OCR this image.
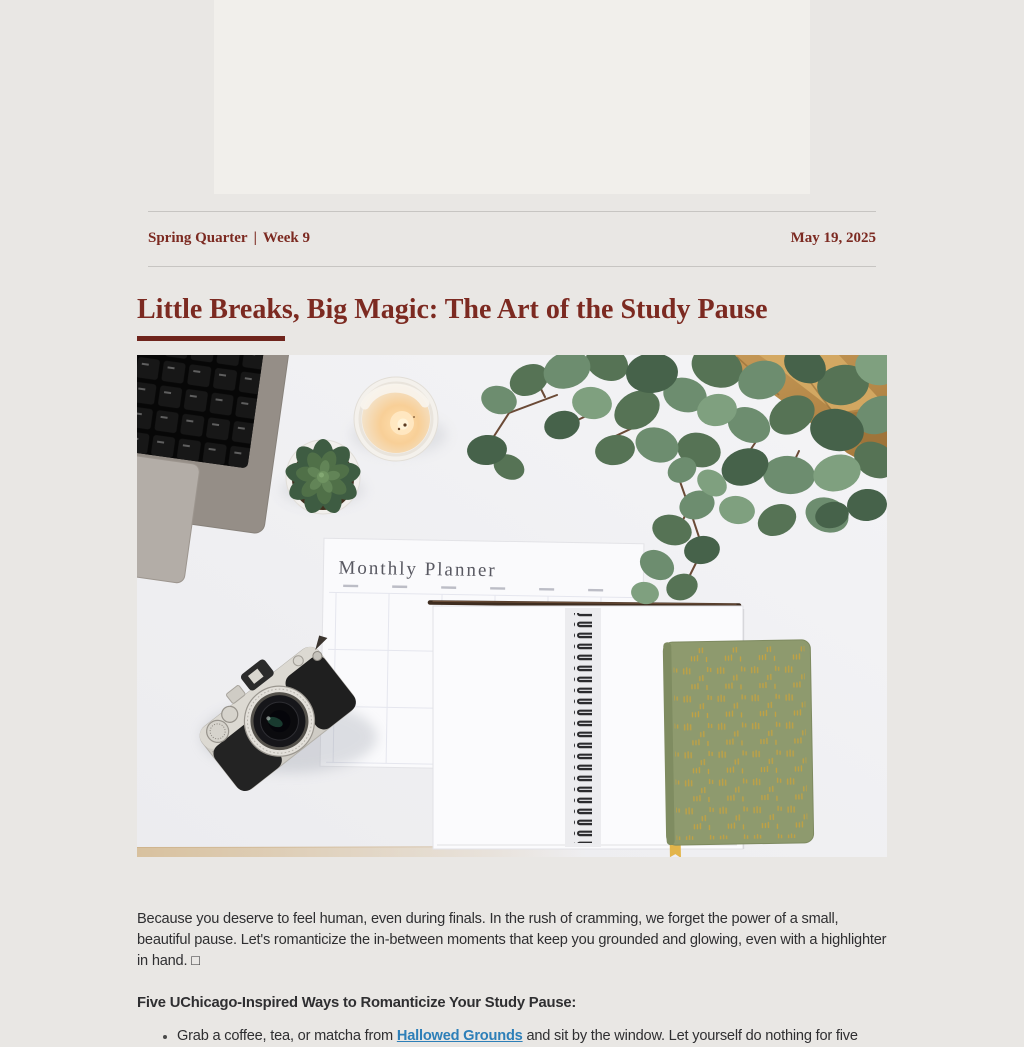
Spring Quarter | Week 9	May 19, 2025
Little Breaks, Big Magic: The Art of the Study Pause
Monthly Planner

Because you deserve to feel human, even during finals. In the rush of cramming, we forget the power of a small, beautiful pause. Let's romanticize the in-between moments that keep you grounded and glowing, even with a highlighter in hand. □

Five UChicago-Inspired Ways to Romanticize Your Study Pause:

• Grab a coffee, tea, or matcha from Hallowed Grounds and sit by the window. Let yourself do nothing for five
